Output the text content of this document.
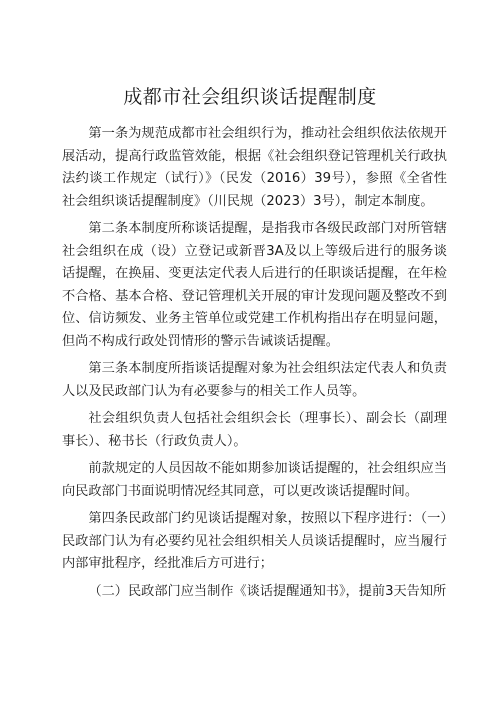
成都市社会组织谈话提醒制度

第一条为规范成都市社会组织行为，推动社会组织依法依规开展活动，提高行政监管效能，根据《社会组织登记管理机关行政执法约谈工作规定（试行）》（民发（2016）39号），参照《全省性社会组织谈话提醒制度》（川民规（2023）3号），制定本制度。

第二条本制度所称谈话提醒，是指我市各级民政部门对所管辖社会组织在成（设）立登记或新晋3A及以上等级后进行的服务谈话提醒，在换届、变更法定代表人后进行的任职谈话提醒，在年检不合格、基本合格、登记管理机关开展的审计发现问题及整改不到位、信访频发、业务主管单位或党建工作机构指出存在明显问题，但尚不构成行政处罚情形的警示告诫谈话提醒。

第三条本制度所指谈话提醒对象为社会组织法定代表人和负责人以及民政部门认为有必要参与的相关工作人员等。

社会组织负责人包括社会组织会长（理事长）、副会长（副理事长）、秘书长（行政负责人）。

前款规定的人员因故不能如期参加谈话提醒的，社会组织应当向民政部门书面说明情况经其同意，可以更改谈话提醒时间。

第四条民政部门约见谈话提醒对象，按照以下程序进行：（一）民政部门认为有必要约见社会组织相关人员谈话提醒时，应当履行内部审批程序，经批准后方可进行；

（二）民政部门应当制作《谈话提醒通知书》，提前3天告知所
